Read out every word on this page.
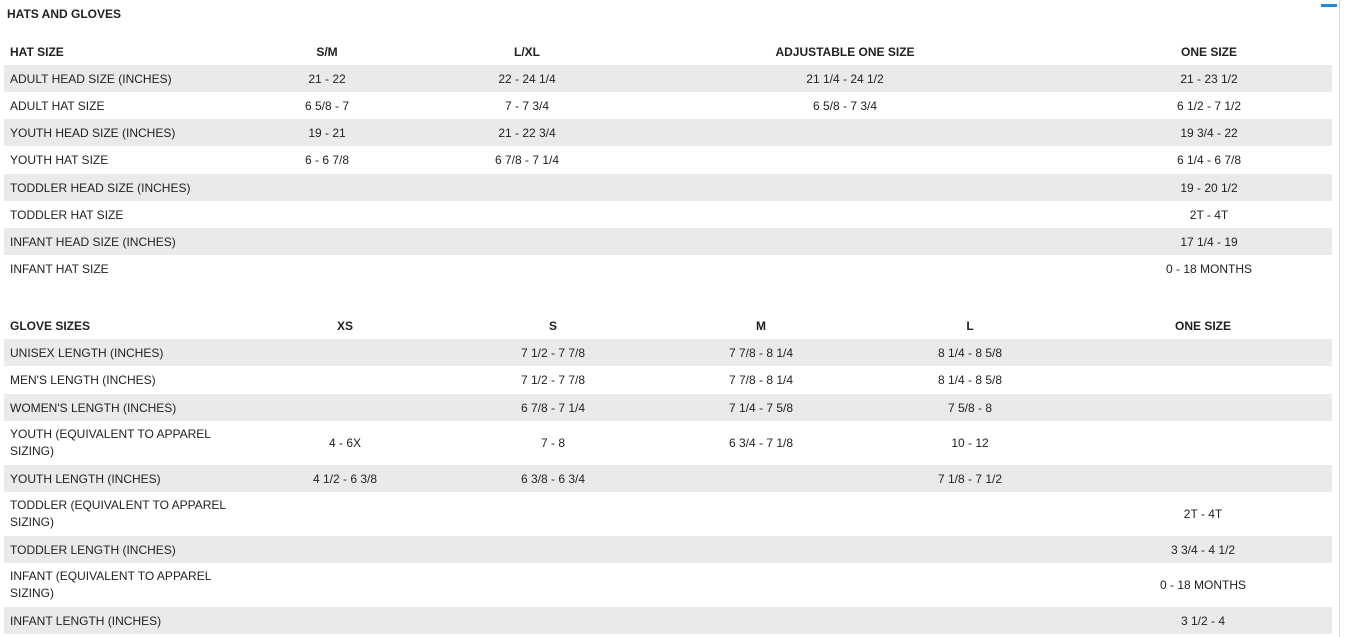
HATS AND GLOVES
HAT SIZE	S/M	L/XL	ADJUSTABLE ONE SIZE	ONE SIZE
ADULT HEAD SIZE (INCHES)	21 - 22	22 - 24 1/4	21 1/4 - 24 1/2	21 - 23 1/2
ADULT HAT SIZE	6 5/8 - 7	7 - 7 3/4	6 5/8 - 7 3/4	6 1/2 - 7 1/2
YOUTH HEAD SIZE (INCHES)	19 - 21	21 - 22 3/4		19 3/4 - 22
YOUTH HAT SIZE	6 - 6 7/8	6 7/8 - 7 1/4		6 1/4 - 6 7/8
TODDLER HEAD SIZE (INCHES)				19 - 20 1/2
TODDLER HAT SIZE				2T - 4T
INFANT HEAD SIZE (INCHES)				17 1/4 - 19
INFANT HAT SIZE				0 - 18 MONTHS
GLOVE SIZES	XS	S	M	L	ONE SIZE
UNISEX LENGTH (INCHES)		7 1/2 - 7 7/8	7 7/8 - 8 1/4	8 1/4 - 8 5/8	
MEN'S LENGTH (INCHES)		7 1/2 - 7 7/8	7 7/8 - 8 1/4	8 1/4 - 8 5/8	
WOMEN'S LENGTH (INCHES)		6 7/8 - 7 1/4	7 1/4 - 7 5/8	7 5/8 - 8	
YOUTH (EQUIVALENT TO APPAREL SIZING)	4 - 6X	7 - 8	6 3/4 - 7 1/8	10 - 12	
YOUTH LENGTH (INCHES)	4 1/2 - 6 3/8	6 3/8 - 6 3/4		7 1/8 - 7 1/2	
TODDLER (EQUIVALENT TO APPAREL SIZING)					2T - 4T
TODDLER LENGTH (INCHES)					3 3/4 - 4 1/2
INFANT (EQUIVALENT TO APPAREL SIZING)					0 - 18 MONTHS
INFANT LENGTH (INCHES)					3 1/2 - 4
